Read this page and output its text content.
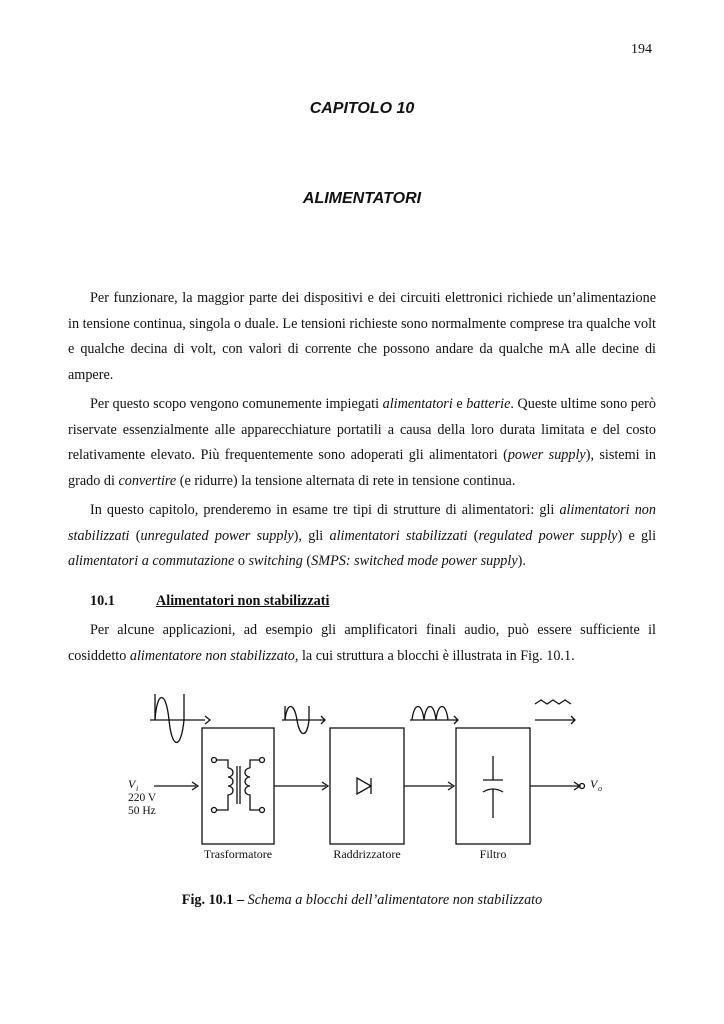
194
CAPITOLO 10
ALIMENTATORI

Per funzionare, la maggior parte dei dispositivi e dei circuiti elettronici richiede un’alimentazione in tensione continua, singola o duale. Le tensioni richieste sono normalmente comprese tra qualche volt e qualche decina di volt, con valori di corrente che possono andare da qualche mA alle decine di ampere.

Per questo scopo vengono comunemente impiegati alimentatori e batterie. Queste ultime sono però riservate essenzialmente alle apparecchiature portatili a causa della loro durata limitata e del costo relativamente elevato. Più frequentemente sono adoperati gli alimentatori (power supply), sistemi in grado di convertire (e ridurre) la tensione alternata di rete in tensione continua.

In questo capitolo, prenderemo in esame tre tipi di strutture di alimentatori: gli alimentatori non stabilizzati (unregulated power supply), gli alimentatori stabilizzati (regulated power supply) e gli alimentatori a commutazione o switching (SMPS: switched mode power supply).

10.1	Alimentatori non stabilizzati

Per alcune applicazioni, ad esempio gli amplificatori finali audio, può essere sufficiente il cosiddetto alimentatore non stabilizzato, la cui struttura a blocchi è illustrata in Fig. 10.1.

V i
220 V
50 Hz
V o
Trasformatore	Raddrizzatore	Filtro
Fig. 10.1 – Schema a blocchi dell’alimentatore non stabilizzato
